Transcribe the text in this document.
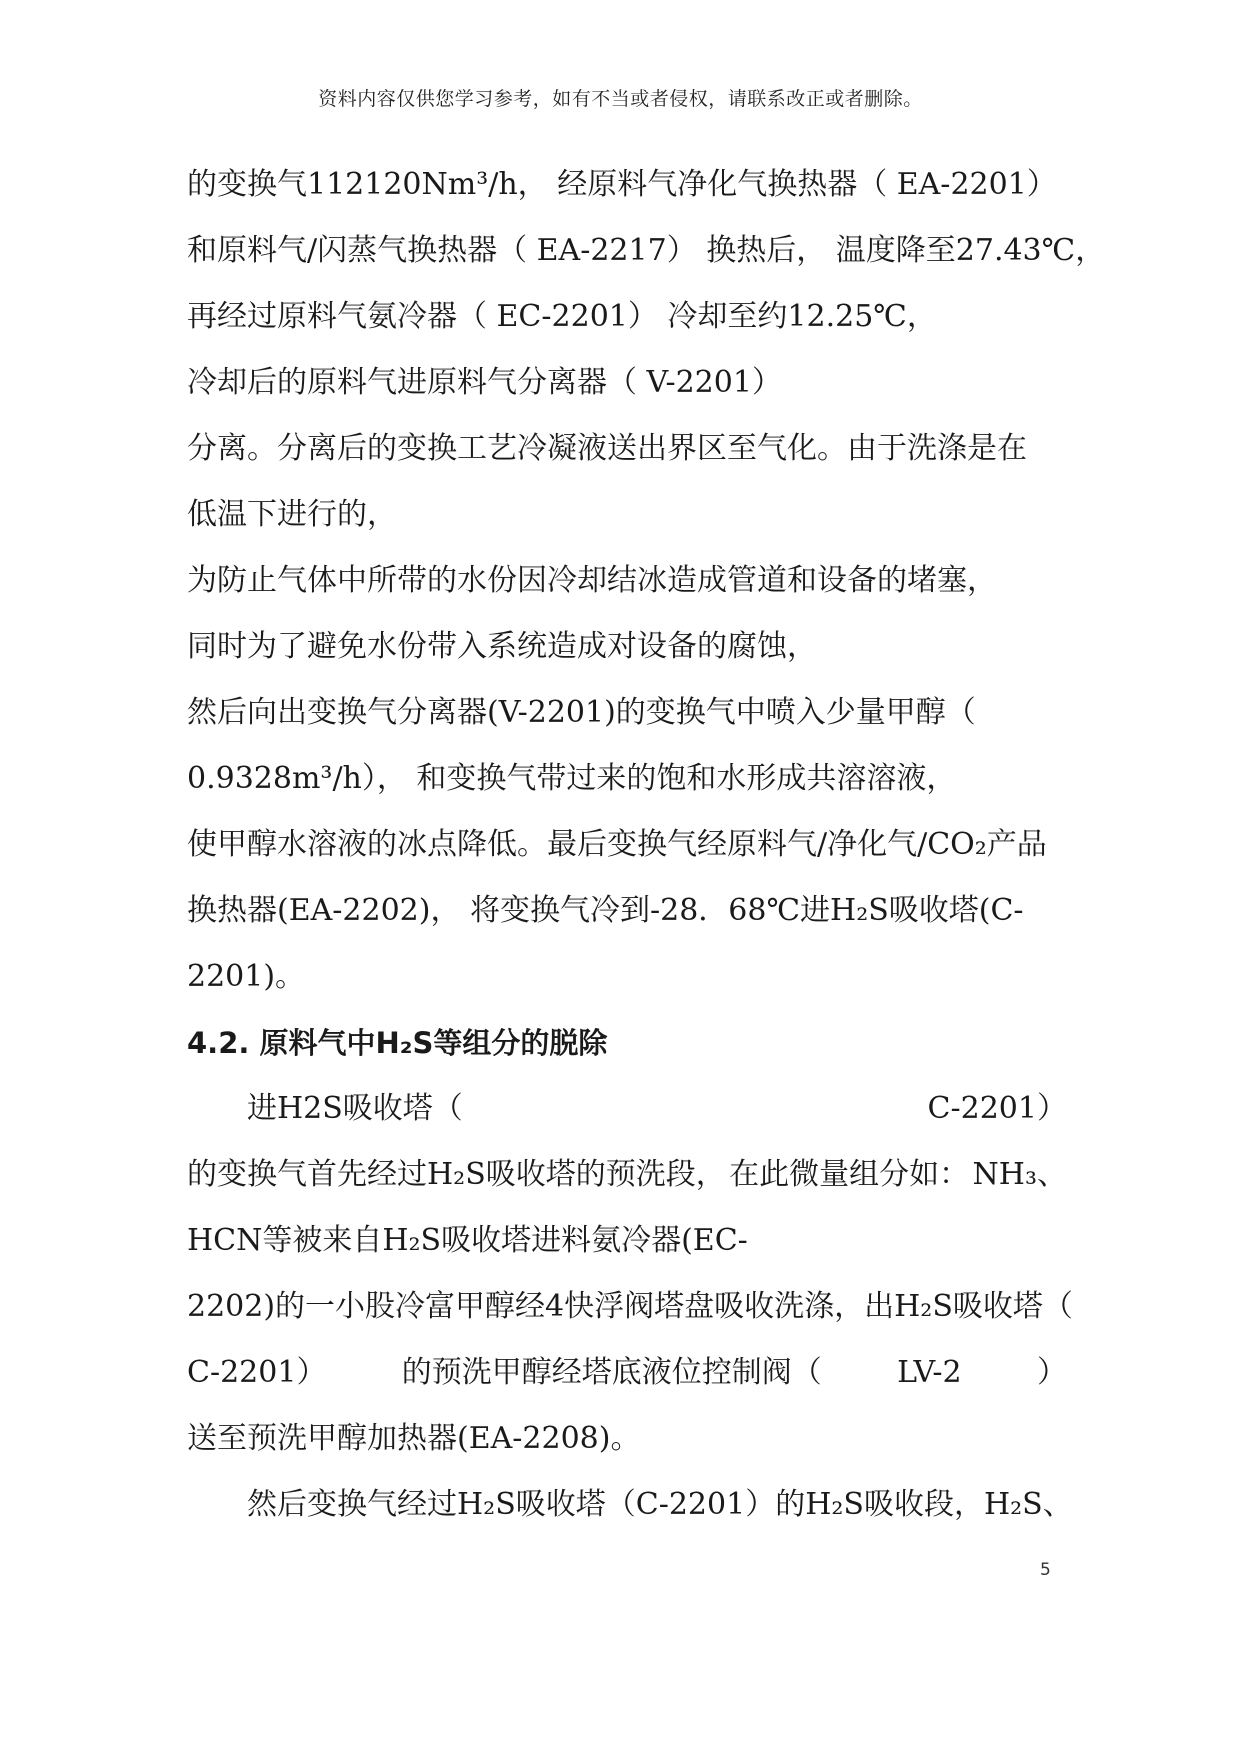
资料内容仅供您学习参考，如有不当或者侵权，请联系改正或者删除。
的变换气112120Nm³/h， 经原料气净化气换热器（ EA-2201）
和原料气/闪蒸气换热器（ EA-2217） 换热后， 温度降至27.43℃，
再经过原料气氨冷器（ EC-2201） 冷却至约12.25℃，
冷却后的原料气进原料气分离器（ V-2201）
分离。分离后的变换工艺冷凝液送出界区至气化。由于洗涤是在
低温下进行的，
为防止气体中所带的水份因冷却结冰造成管道和设备的堵塞，
同时为了避免水份带入系统造成对设备的腐蚀，
然后向出变换气分离器(V-2201)的变换气中喷入少量甲醇（
0.9328m³/h）， 和变换气带过来的饱和水形成共溶溶液，
使甲醇水溶液的冰点降低。最后变换气经原料气/净化气/CO₂产品
换热器(EA-2202)， 将变换气冷到-28．68℃进H₂S吸收塔(C-
2201)。
4.2. 原料气中H₂S等组分的脱除
进H2S吸收塔（	C-2201）
的变换气首先经过H₂S吸收塔的预洗段， 在此微量组分如： NH₃、
HCN等被来自H₂S吸收塔进料氨冷器(EC-
2202)的一小股冷富甲醇经4快浮阀塔盘吸收洗涤， 出H₂S吸收塔（
C-2201）	的预洗甲醇经塔底液位控制阀（	LV-2	）
送至预洗甲醇加热器(EA-2208)。
然后变换气经过H₂S吸收塔（ C-2201） 的H₂S吸收段， H₂S、
5
